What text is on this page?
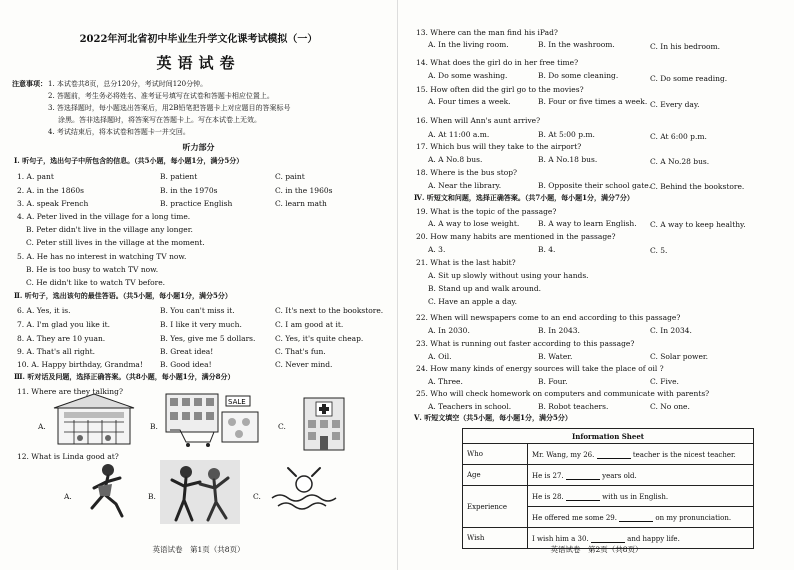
2022年河北省初中毕业生升学文化课考试模拟（一）
英语试卷
注意事项： 1. 本试卷共8页，总分120分，考试时间120分钟。
2. 答题前，考生务必将姓名、准考证号填写在试卷和答题卡相应位置上。
3. 答选择题时，每小题选出答案后，用2B铅笔把答题卡上对应题目的答案标号
涂黑。答非选择题时，将答案写在答题卡上。写在本试卷上无效。
4. 考试结束后，将本试卷和答题卡一并交回。
听力部分
Ⅰ. 听句子，选出句子中所包含的信息。（共5小题，每小题1分，满分5分）
1. A. pant	B. patient	C. paint
2. A. in the 1860s	B. in the 1970s	C. in the 1960s
3. A. speak French	B. practice English	C. learn math
4. A. Peter lived in the village for a long time.
B. Peter didn't live in the village any longer.
C. Peter still lives in the village at the moment.
5. A. He has no interest in watching TV now.
B. He is too busy to watch TV now.
C. He didn't like to watch TV before.
Ⅱ. 听句子，选出该句的最佳答语。（共5小题，每小题1分，满分5分）
6. A. Yes, it is.	B. You can't miss it.	C. It's next to the bookstore.
7. A. I'm glad you like it.	B. I like it very much.	C. I am good at it.
8. A. They are 10 yuan.	B. Yes, give me 5 dollars.	C. Yes, it's quite cheap.
9. A. That's all right.	B. Great idea!	C. That's fun.
10. A. Happy birthday, Grandma! B. Good idea!	C. Never mind.
Ⅲ. 听对话及问题，选择正确答案。（共8小题，每小题1分，满分8分）
11. Where are they talking?
A.	B.
SALE
C.
12. What is Linda good at?
A.	B.	C.
英语试卷　第1页（共8页）
13. Where can the man find his iPad?
A. In the living room.	B. In the washroom.	C. In his bedroom.
14. What does the girl do in her free time?
A. Do some washing.	B. Do some cleaning.	C. Do some reading.
15. How often did the girl go to the movies?
A. Four times a week.	B. Four or five times a week. C. Every day.
16. When will Ann's aunt arrive?
A. At 11:00 a.m.	B. At 5:00 p.m.	C. At 6:00 p.m.
17. Which bus will they take to the airport?
A. A No.8 bus.	B. A No.18 bus.	C. A No.28 bus.
18. Where is the bus stop?
A. Near the library.	B. Opposite their school gate.
C. Behind the bookstore.
Ⅳ. 听短文和问题，选择正确答案。（共7小题，每小题1分，满分7分）
19. What is the topic of the passage?
A. A way to lose weight. B. A way to learn English. C. A way to keep healthy.
20. How many habits are mentioned in the passage?
A. 3.	B. 4.	C. 5.
21. What is the last habit?
A. Sit up slowly without using your hands.
B. Stand up and walk around.
C. Have an apple a day.
22. When will newspapers come to an end according to this passage?
A. In 2030.	B. In 2043.	C. In 2034.
23. What is running out faster according to this passage?
A. Oil.	B. Water.	C. Solar power.
24. How many kinds of energy sources will take the place of oil ?
A. Three.	B. Four.	C. Five.
25. Who will check homework on computers and communicate with parents?
A. Teachers in school.	B. Robot teachers.	C. No one.
Ⅴ. 听短文填空（共5小题，每小题1分，满分5分）
Information Sheet	
Who	Mr. Wang, my 26. teacher is the nicest teacher.
Age	He is 27. years old.
Experience	He is 28. with us in English.
	He offered me some 29. on my pronunciation.
Wish	I wish him a 30. and happy life.
英语试卷　第2页（共8页）
